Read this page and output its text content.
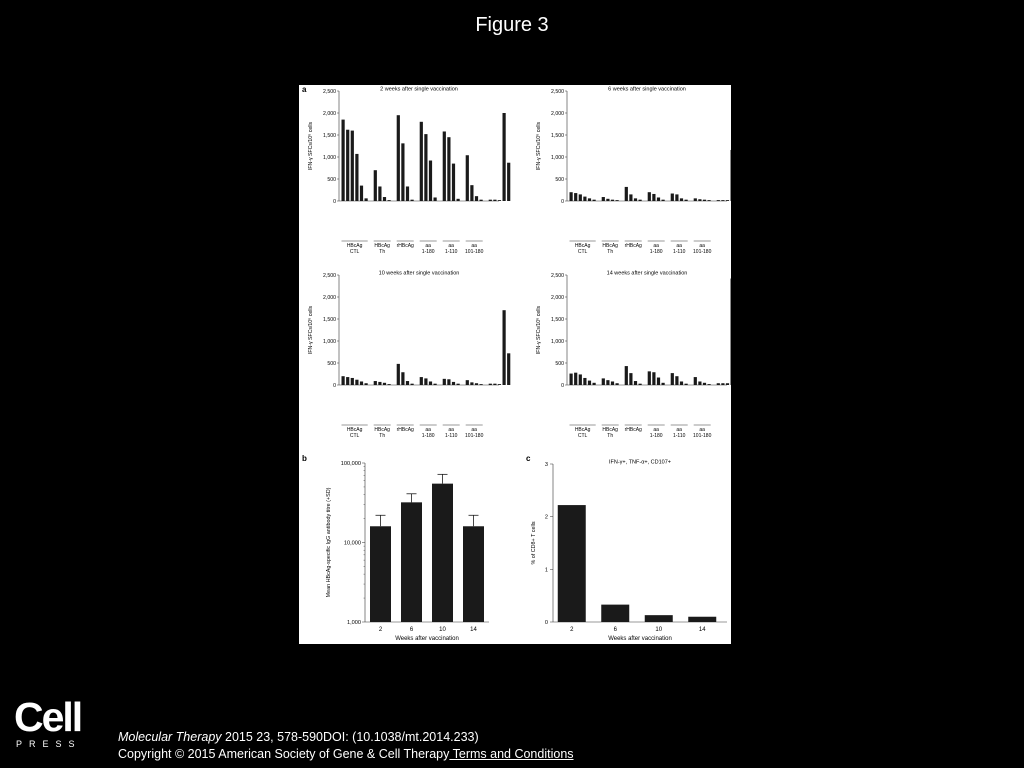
Figure 3
a
b	c
2 weeks after single vaccination
0
500
1,000
1,500
2,000
2,500
IFN-γ SFCs/10⁶ cells
HBcAg
CTL
HBcAg
Th
rHBcAg aa
1-180
aa
1-110
aa
101-180
6 weeks after single vaccination
0
500
1,000
1,500
2,000
2,500
IFN-γ SFCs/10⁶ cells
HBcAg
CTL
HBcAg
Th
rHBcAg aa
1-180
aa
1-110
aa
101-180
10 weeks after single vaccination
0
500
1,000
1,500
2,000
2,500
IFN-γ SFCs/10⁶ cells
HBcAg
CTL
HBcAg
Th
rHBcAg aa
1-180
aa
1-110
aa
101-180
14 weeks after single vaccination
0
500
1,000
1,500
2,000
2,500
IFN-γ SFCs/10⁶ cells
HBcAg
CTL
HBcAg
Th
rHBcAg aa
1-180
aa
1-110
aa
101-180
1,000
10,000
100,000
Mean HBcAg-specific IgG antibody titre (+SD)
2	6	10	14
Weeks after vaccination
IFN-γ+, TNF-α+, CD107+
0
1
2
3
% of CD8+ T cells
2	6	10	14
Weeks after vaccination
Cell
PRESS	Molecular Therapy 2015 23, 578-590DOI: (10.1038/mt.2014.233)
Copyright © 2015 American Society of Gene & Cell Therapy Terms and Conditions
